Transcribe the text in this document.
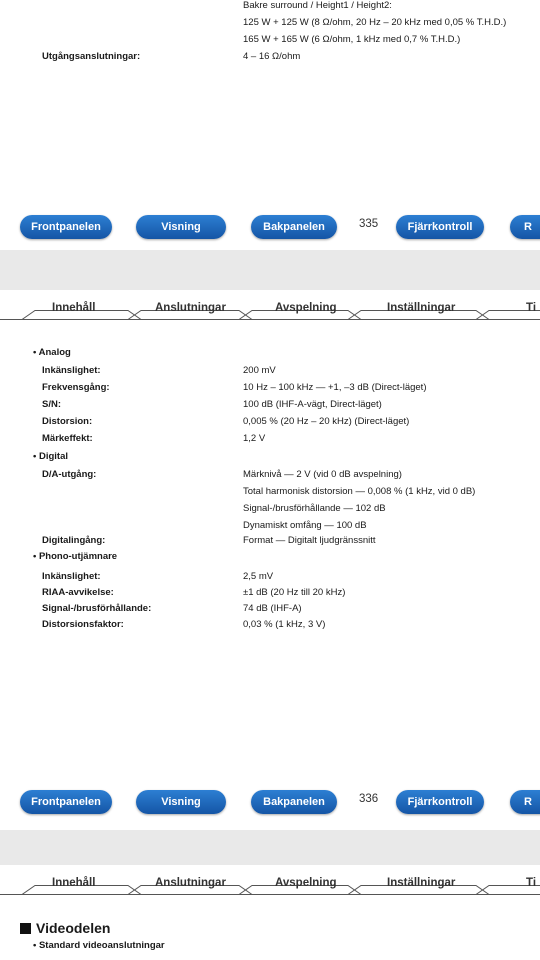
Bakre surround / Height1 / Height2:
125 W + 125 W (8 Ω/ohm, 20 Hz – 20 kHz med 0,05 % T.H.D.)
165 W + 165 W (6 Ω/ohm, 1 kHz med 0,7 % T.H.D.)
Utgångsanslutningar:	4 – 16 Ω/ohm
Frontpanelen	Visning	Bakpanelen	335	Fjärrkontroll	R
Innehåll	Anslutningar	Avspelning	Inställningar	Ti
• Analog
Inkänslighet:	200 mV
Frekvensgång:	10 Hz – 100 kHz — +1, –3 dB (Direct-läget)
S/N:	100 dB (IHF-A-vägt, Direct-läget)
Distorsion:	0,005 % (20 Hz – 20 kHz) (Direct-läget)
Märkeffekt:	1,2 V
• Digital
D/A-utgång:	Märknivå — 2 V (vid 0 dB avspelning)
Total harmonisk distorsion — 0,008 % (1 kHz, vid 0 dB)
Signal-/brusförhållande — 102 dB
Dynamiskt omfång — 100 dB
Digitalingång:	Format — Digitalt ljudgränssnitt
• Phono-utjämnare
Inkänslighet:	2,5 mV
RIAA-avvikelse:	±1 dB (20 Hz till 20 kHz)
Signal-/brusförhållande:	74 dB (IHF-A)
Distorsionsfaktor:	0,03 % (1 kHz, 3 V)
Frontpanelen	Visning	Bakpanelen	336	Fjärrkontroll	R
Innehåll	Anslutningar	Avspelning	Inställningar	Ti
Videodelen
• Standard videoanslutningar
